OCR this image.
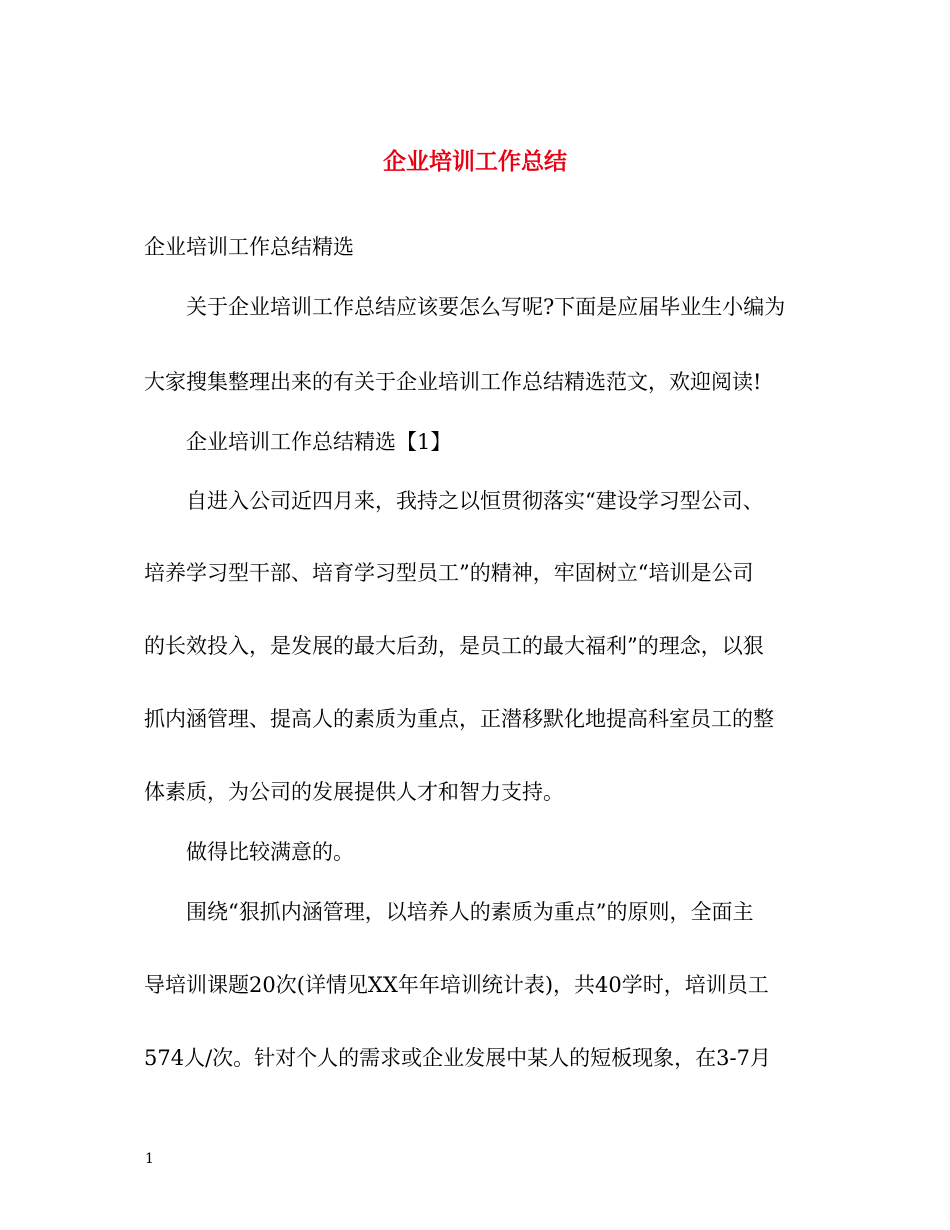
企业培训工作总结
企业培训工作总结精选
关于企业培训工作总结应该要怎么写呢?下面是应届毕业生小编为
大家搜集整理出来的有关于企业培训工作总结精选范文，欢迎阅读!
企业培训工作总结精选【1】
自进入公司近四月来，我持之以恒贯彻落实“建设学习型公司、
培养学习型干部、培育学习型员工”的精神，牢固树立“培训是公司
的长效投入，是发展的最大后劲，是员工的最大福利”的理念，以狠
抓内涵管理、提高人的素质为重点，正潜移默化地提高科室员工的整
体素质，为公司的发展提供人才和智力支持。
做得比较满意的。
围绕“狠抓内涵管理，以培养人的素质为重点”的原则，全面主
导培训课题20次(详情见XX年年培训统计表)，共40学时，培训员工
574人/次。针对个人的需求或企业发展中某人的短板现象，在3-7月
1
